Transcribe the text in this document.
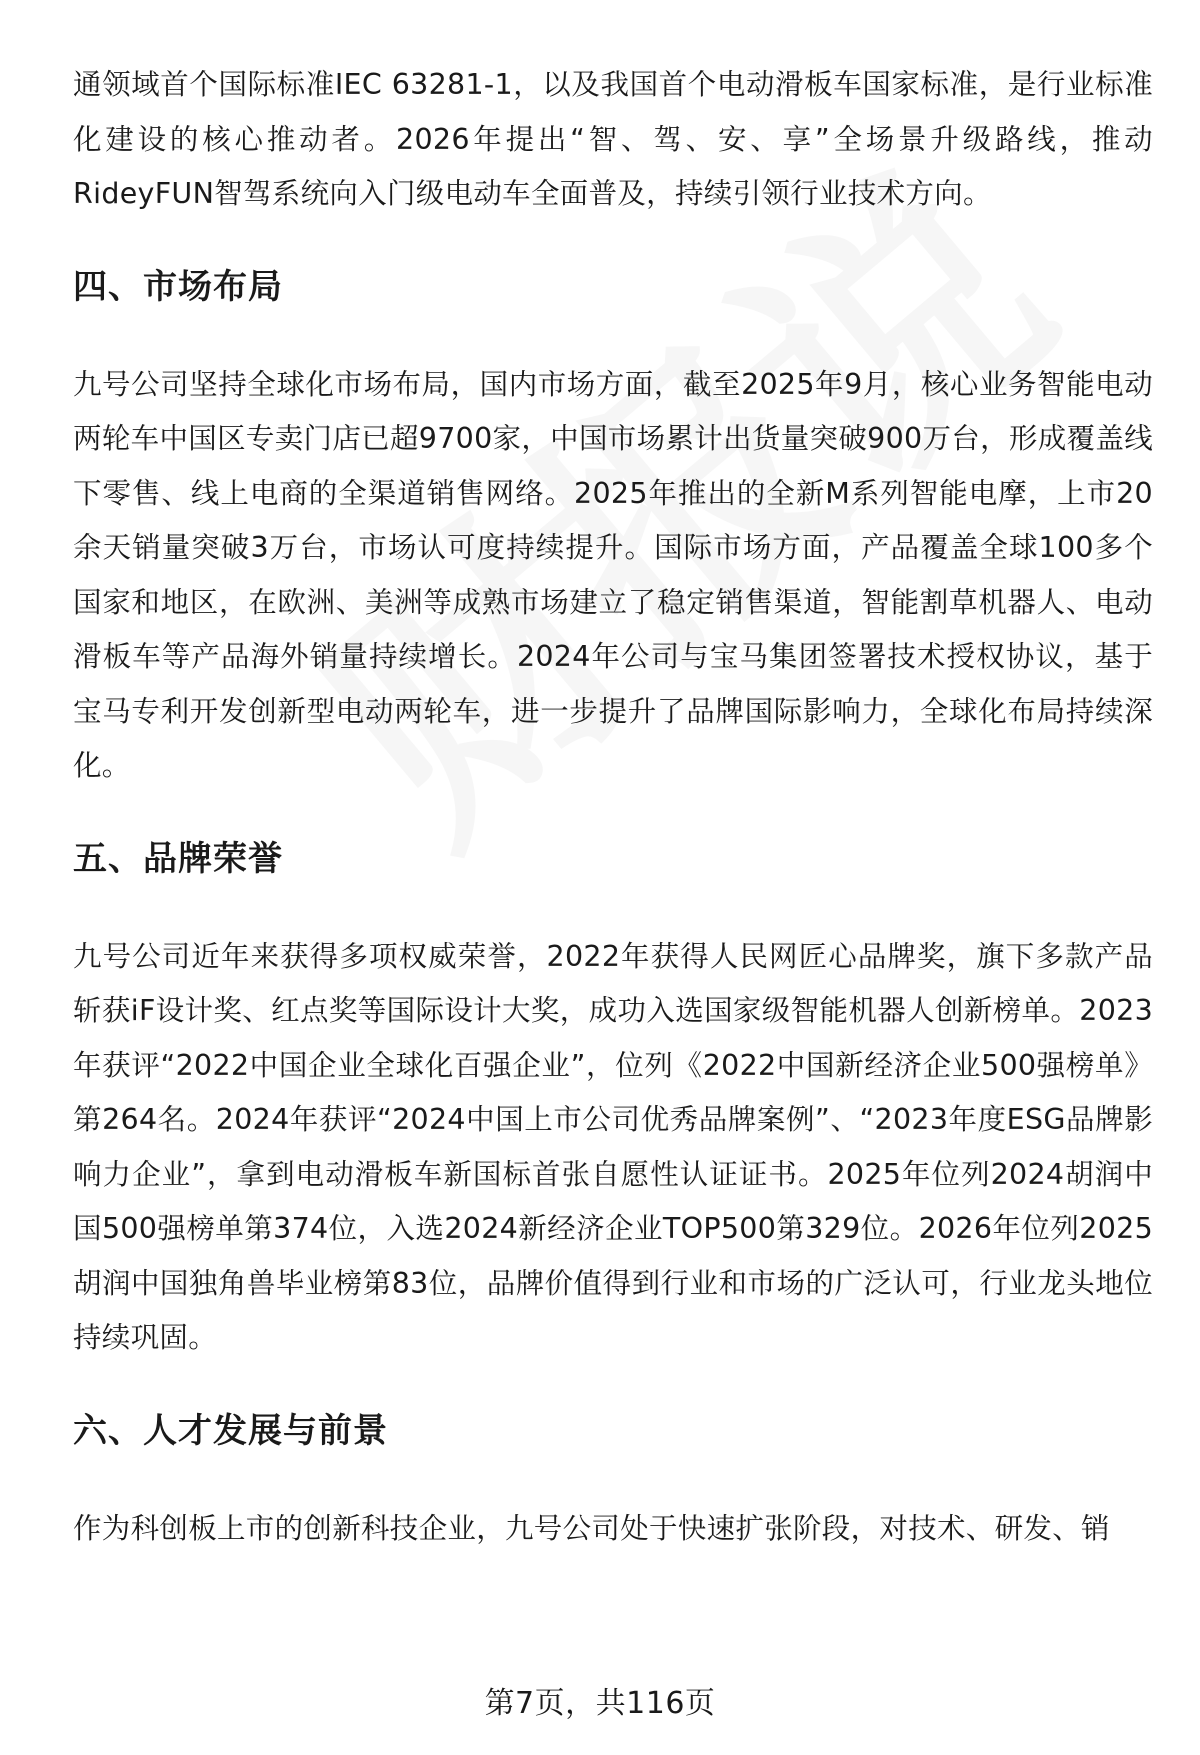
通领域首个国际标准IEC 63281-1，以及我国首个电动滑板车国家标准，是行业标准化建设的核心推动者。2026年提出“智、驾、安、享”全场景升级路线，推动RideyFUN智驾系统向入门级电动车全面普及，持续引领行业技术方向。

四、市场布局

九号公司坚持全球化市场布局，国内市场方面，截至2025年9月，核心业务智能电动两轮车中国区专卖门店已超9700家，中国市场累计出货量突破900万台，形成覆盖线下零售、线上电商的全渠道销售网络。2025年推出的全新M系列智能电摩，上市20余天销量突破3万台，市场认可度持续提升。国际市场方面，产品覆盖全球100多个国家和地区，在欧洲、美洲等成熟市场建立了稳定销售渠道，智能割草机器人、电动滑板车等产品海外销量持续增长。2024年公司与宝马集团签署技术授权协议，基于宝马专利开发创新型电动两轮车，进一步提升了品牌国际影响力，全球化布局持续深化。

五、品牌荣誉

九号公司近年来获得多项权威荣誉，2022年获得人民网匠心品牌奖，旗下多款产品斩获iF设计奖、红点奖等国际设计大奖，成功入选国家级智能机器人创新榜单。2023年获评“2022中国企业全球化百强企业”，位列《2022中国新经济企业500强榜单》第264名。2024年获评“2024中国上市公司优秀品牌案例”、“2023年度ESG品牌影响力企业”，拿到电动滑板车新国标首张自愿性认证证书。2025年位列2024胡润中国500强榜单第374位，入选2024新经济企业TOP500第329位。2026年位列2025胡润中国独角兽毕业榜第83位，品牌价值得到行业和市场的广泛认可，行业龙头地位持续巩固。

六、人才发展与前景

作为科创板上市的创新科技企业，九号公司处于快速扩张阶段，对技术、研发、销

第7页，共116页
